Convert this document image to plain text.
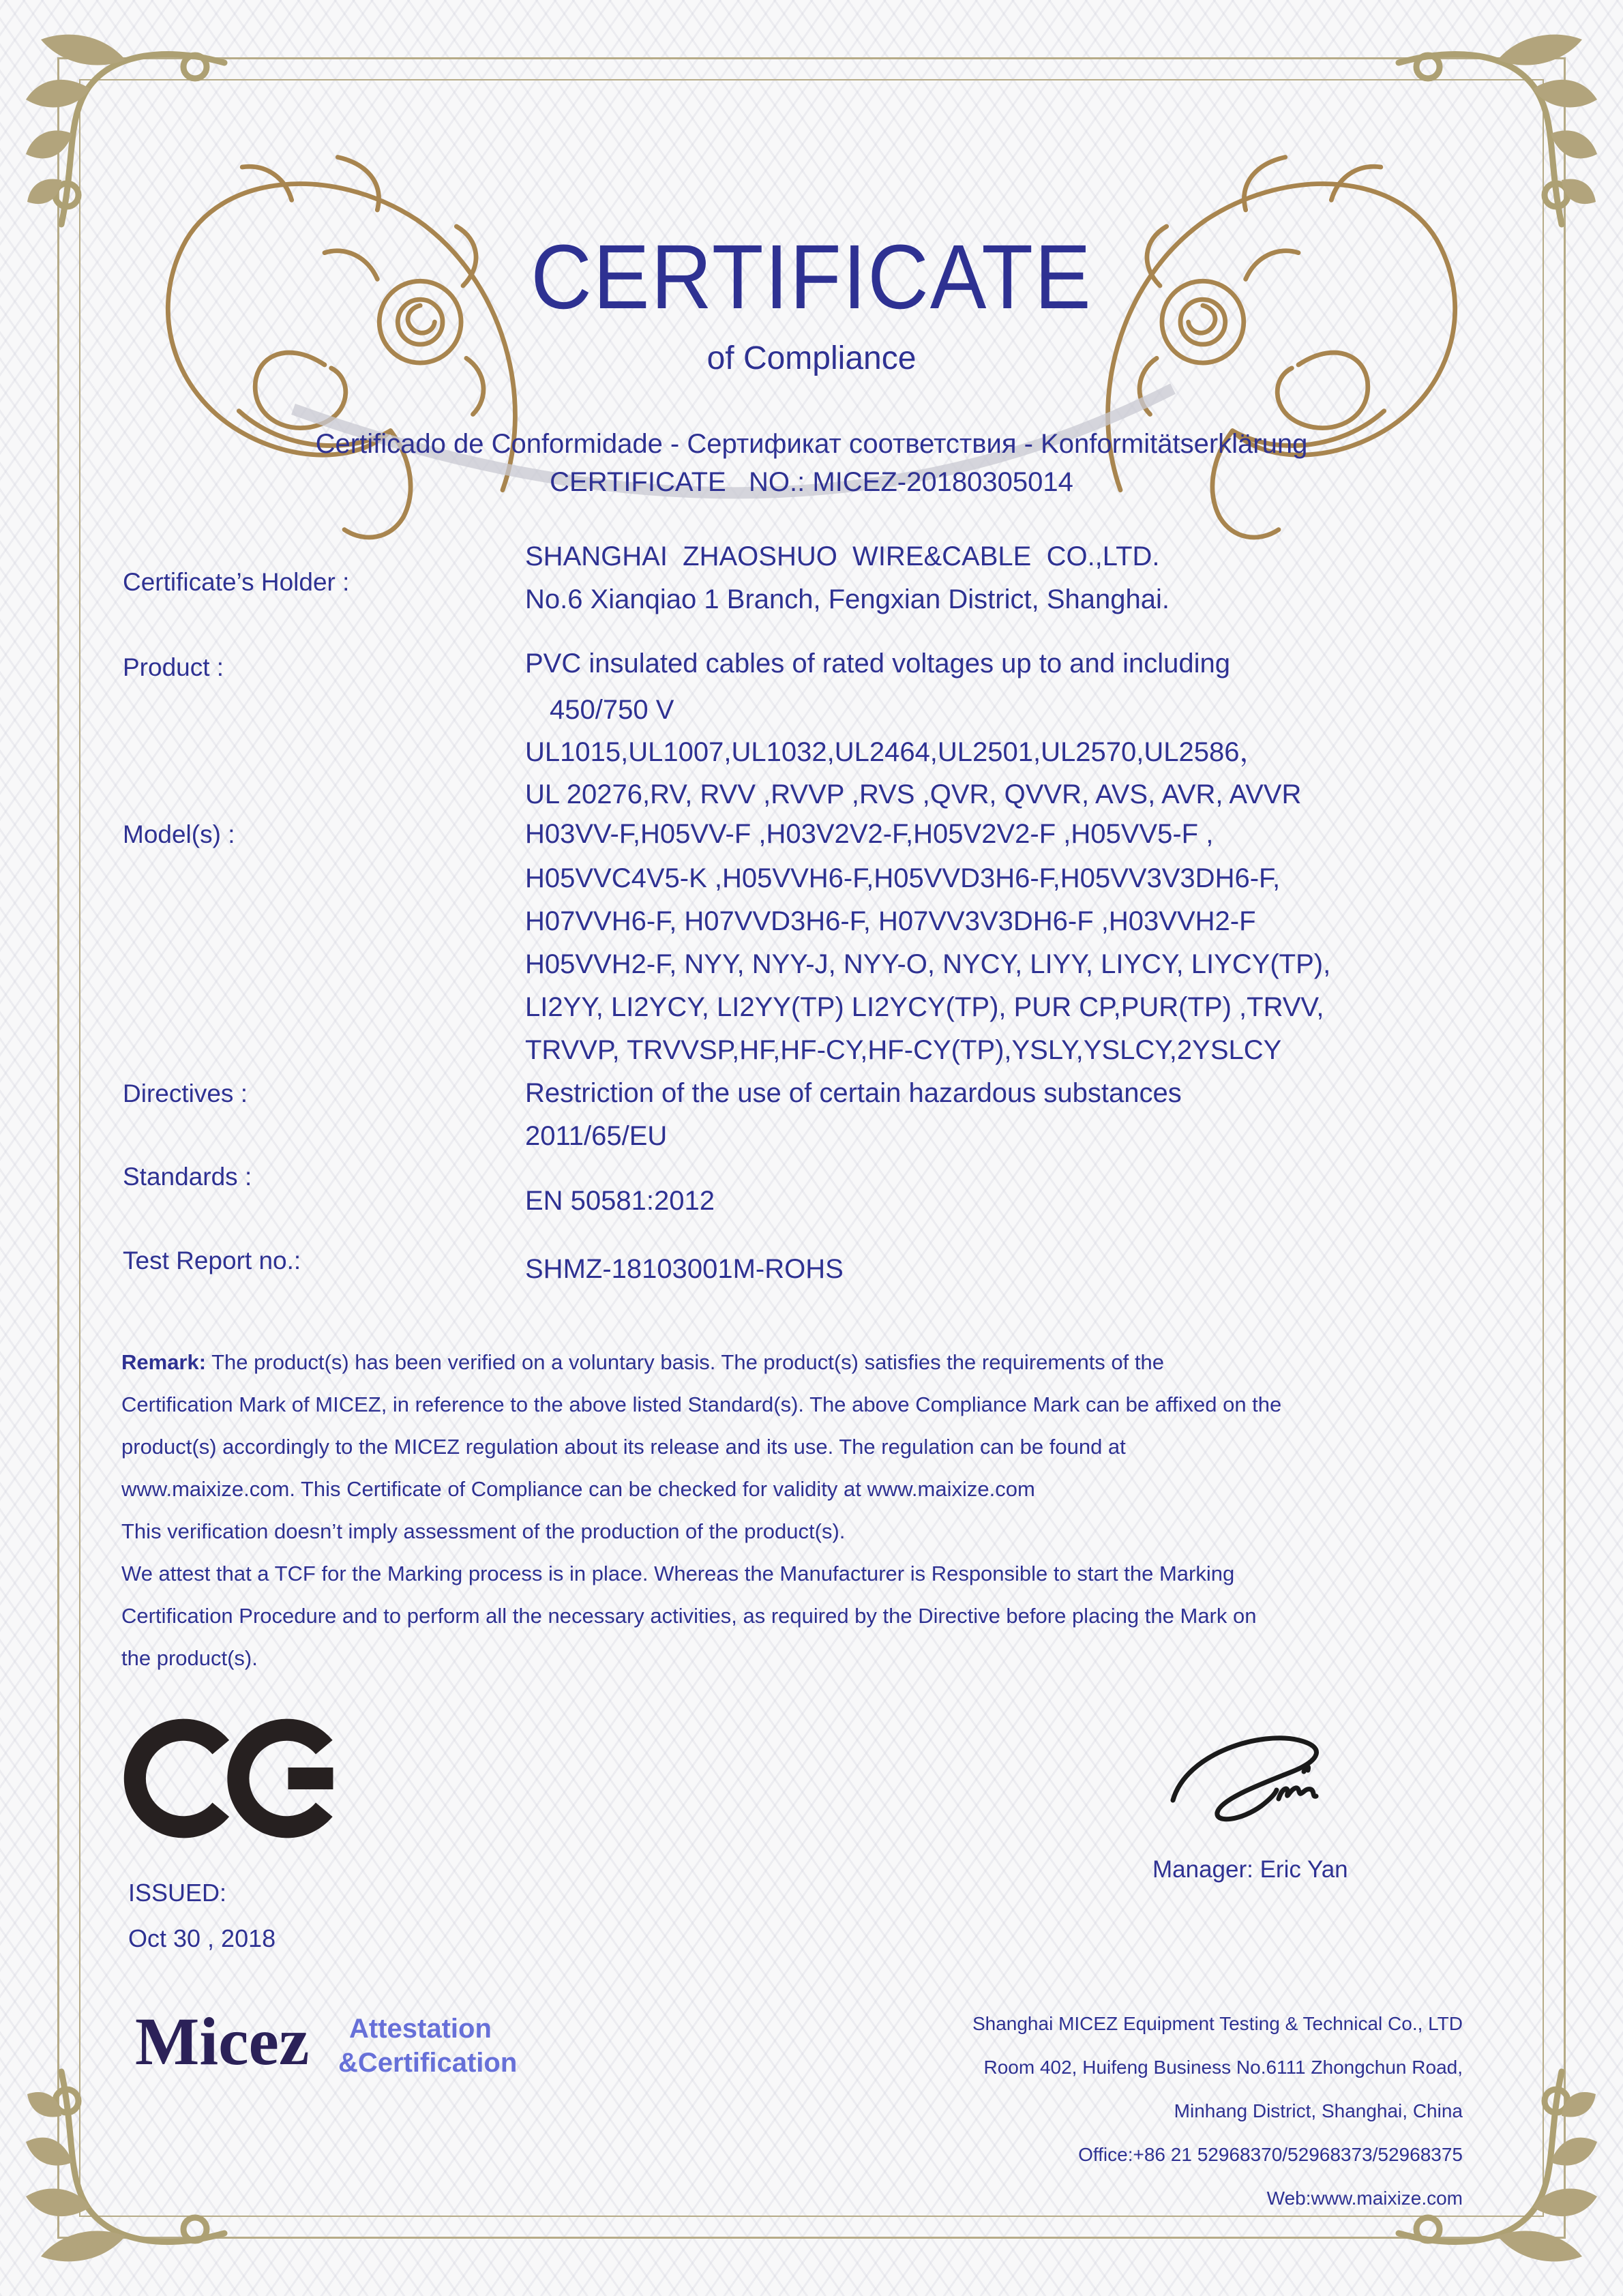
CERTIFICATE
of Compliance
Certificado de Conformidade - Сертификат соответствия - Konformitätserklärung
CERTIFICATE   NO.: MICEZ-20180305014
Certificate’s Holder :
Product :
Model(s) :
Directives :
Standards :
Test Report no.:
SHANGHAI  ZHAOSHUO  WIRE&CABLE  CO.,LTD.
No.6 Xianqiao 1 Branch, Fengxian District, Shanghai.
PVC insulated cables of rated voltages up to and including
450/750 V
UL1015,UL1007,UL1032,UL2464,UL2501,UL2570,UL2586，
UL 20276,RV, RVV ,RVVP ,RVS ,QVR, QVVR, AVS, AVR, AVVR
H03VV-F,H05VV-F ,H03V2V2-F,H05V2V2-F ,H05VV5-F ,
H05VVC4V5-K ,H05VVH6-F,H05VVD3H6-F,H05VV3V3DH6-F,
H07VVH6-F, H07VVD3H6-F, H07VV3V3DH6-F ,H03VVH2-F
H05VVH2-F, NYY, NYY-J, NYY-O, NYCY, LIYY, LIYCY, LIYCY(TP),
LI2YY, LI2YCY, LI2YY(TP) LI2YCY(TP), PUR CP,PUR(TP) ,TRVV,
TRVVP, TRVVSP,HF,HF-CY,HF-CY(TP),YSLY,YSLCY,2YSLCY
Restriction of the use of certain hazardous substances
2011/65/EU
EN 50581:2012
SHMZ-18103001M-ROHS
Remark: The product(s) has been verified on a voluntary basis. The product(s) satisfies the requirements of the
Certification Mark of MICEZ, in reference to the above listed Standard(s). The above Compliance Mark can be affixed on the
product(s) accordingly to the MICEZ regulation about its release and its use. The regulation can be found at
www.maixize.com. This Certificate of Compliance can be checked for validity at www.maixize.com
This verification doesn’t imply assessment of the production of the product(s).
We attest that a TCF for the Marking process is in place. Whereas the Manufacturer is Responsible to start the Marking
Certification Procedure and to perform all the necessary activities, as required by the Directive before placing the Mark on
the product(s).
Manager: Eric Yan
ISSUED:
Oct 30 , 2018
Micez Attestation
&Certification
Shanghai MICEZ Equipment Testing & Technical Co., LTD
Room 402, Huifeng Business No.6111 Zhongchun Road,
Minhang District, Shanghai, China
Office:+86 21 52968370/52968373/52968375
Web:www.maixize.com
